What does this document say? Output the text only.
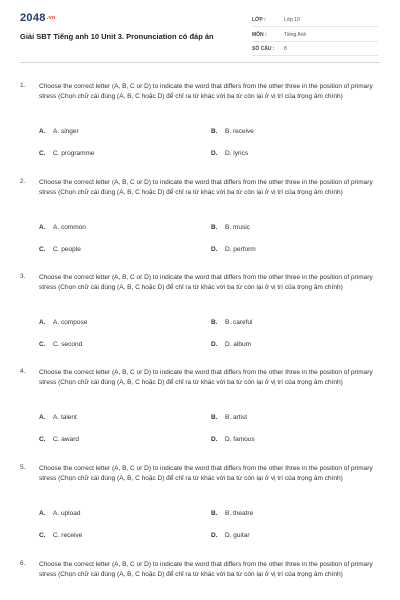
2048.vn
Giải SBT Tiếng anh 10 Unit 3. Pronunciation có đáp án
LỚP :	Lớp 10
MÔN :	Tiếng Anh
SỐ CÂU : 8
1. Choose the correct letter (A, B, C or D) to indicate the word that differs from the other three in the position of primary stress (Chọn chữ cái đúng (A, B, C hoặc D) để chỉ ra từ khác với ba từ còn lại ở vị trí của trọng âm chính)
A. A. singer	B. B. receive
C. C. programme	D. D. lyrics
2. Choose the correct letter (A, B, C or D) to indicate the word that differs from the other three in the position of primary stress (Chọn chữ cái đúng (A, B, C hoặc D) để chỉ ra từ khác với ba từ còn lại ở vị trí của trọng âm chính)
A. A. common	B. B. music
C. C. people	D. D. perform
3. Choose the correct letter (A, B, C or D) to indicate the word that differs from the other three in the position of primary stress (Chọn chữ cái đúng (A, B, C hoặc D) để chỉ ra từ khác với ba từ còn lại ở vị trí của trọng âm chính)
A. A. compose	B. B. careful
C. C. second	D. D. album
4. Choose the correct letter (A, B, C or D) to indicate the word that differs from the other three in the position of primary stress (Chọn chữ cái đúng (A, B, C hoặc D) để chỉ ra từ khác với ba từ còn lại ở vị trí của trọng âm chính)
A. A. talent	B. B. artist
C. C. award	D. D. famous
5. Choose the correct letter (A, B, C or D) to indicate the word that differs from the other three in the position of primary stress (Chọn chữ cái đúng (A, B, C hoặc D) để chỉ ra từ khác với ba từ còn lại ở vị trí của trọng âm chính)
A. A. upload	B. B. theatre
C. C. receive	D. D. guitar
6. Choose the correct letter (A, B, C or D) to indicate the word that differs from the other three in the position of primary stress (Chọn chữ cái đúng (A, B, C hoặc D) để chỉ ra từ khác với ba từ còn lại ở vị trí của trọng âm chính)
